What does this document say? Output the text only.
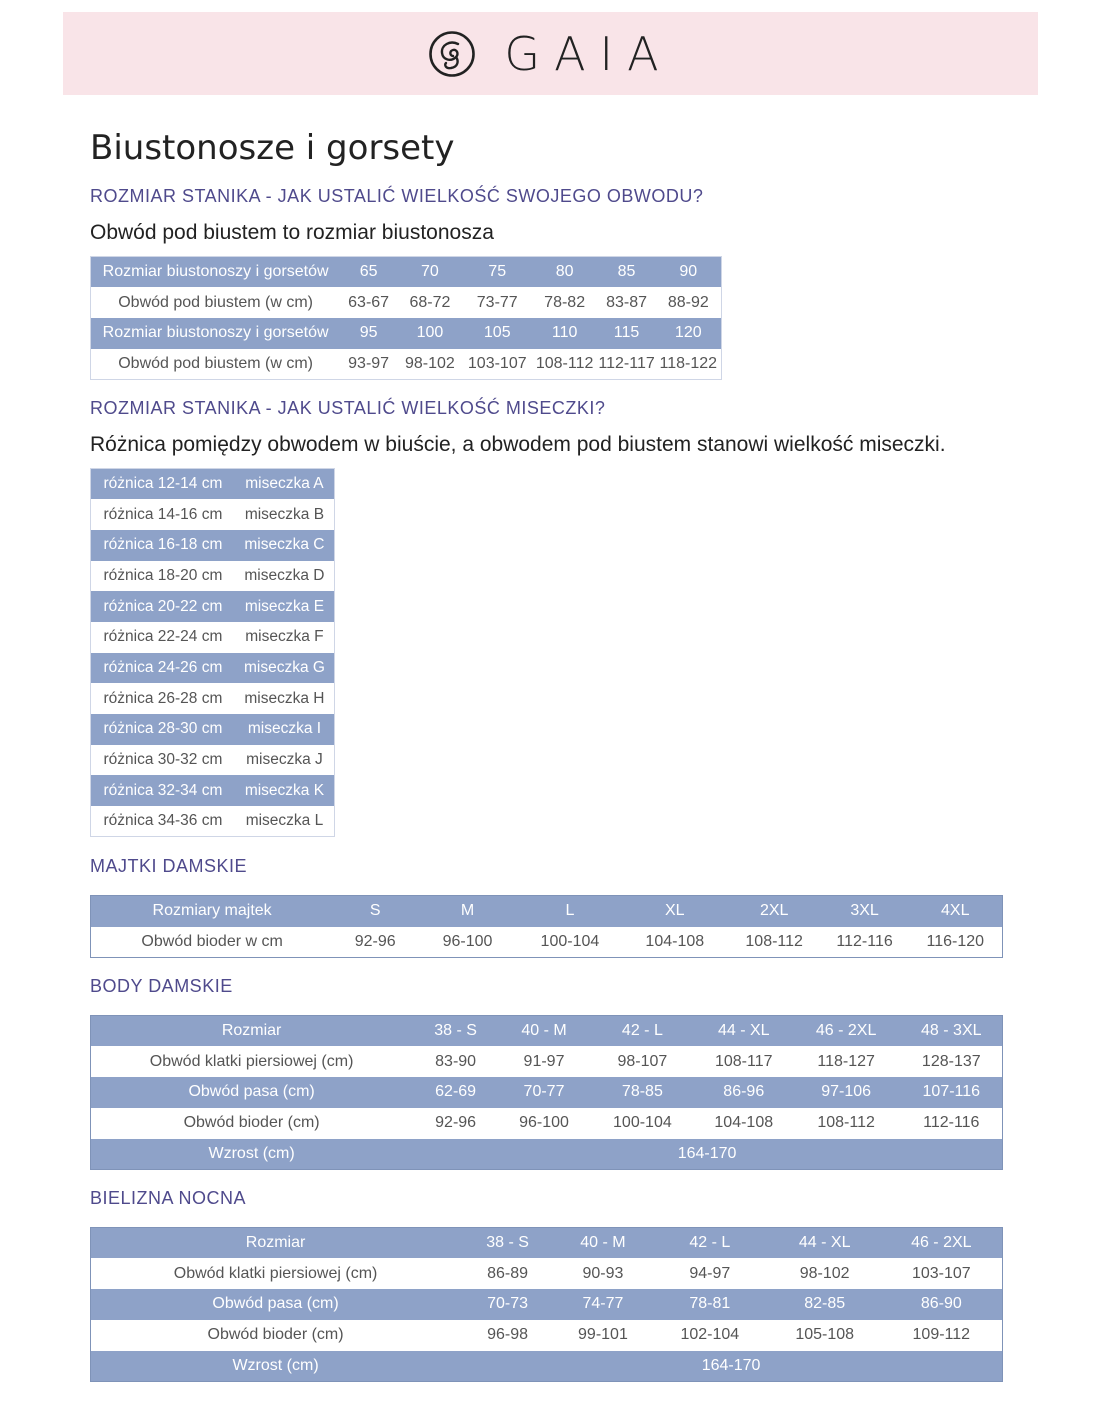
GAIA
Biustonosze i gorsety
ROZMIAR STANIKA - JAK USTALIĆ WIELKOŚĆ SWOJEGO OBWODU?

Obwód pod biustem to rozmiar biustonosza

Rozmiar biustonoszy i gorsetów	65	70	75	80	85	90
Obwód pod biustem (w cm)	63-67	68-72	73-77	78-82	83-87	88-92
Rozmiar biustonoszy i gorsetów	95	100	105	110	115	120
Obwód pod biustem (w cm)	93-97	98-102	103-107	108-112	112-117	118-122
ROZMIAR STANIKA - JAK USTALIĆ WIELKOŚĆ MISECZKI?

Różnica pomiędzy obwodem w biuście, a obwodem pod biustem stanowi wielkość miseczki.

różnica 12-14 cm	miseczka A
różnica 14-16 cm	miseczka B
różnica 16-18 cm	miseczka C
różnica 18-20 cm	miseczka D
różnica 20-22 cm	miseczka E
różnica 22-24 cm	miseczka F
różnica 24-26 cm	miseczka G
różnica 26-28 cm	miseczka H
różnica 28-30 cm	miseczka I
różnica 30-32 cm	miseczka J
różnica 32-34 cm	miseczka K
różnica 34-36 cm	miseczka L
MAJTKI DAMSKIE
Rozmiary majtek	S	M	L	XL	2XL	3XL	4XL
Obwód bioder w cm	92-96	96-100	100-104	104-108	108-112	112-116	116-120
BODY DAMSKIE
Rozmiar	38 - S	40 - M	42 - L	44 - XL	46 - 2XL	48 - 3XL
Obwód klatki piersiowej (cm)	83-90	91-97	98-107	108-117	118-127	128-137
Obwód pasa (cm)	62-69	70-77	78-85	86-96	97-106	107-116
Obwód bioder (cm)	92-96	96-100	100-104	104-108	108-112	112-116
Wzrost (cm)	164-170					
BIELIZNA NOCNA
Rozmiar	38 - S	40 - M	42 - L	44 - XL	46 - 2XL
Obwód klatki piersiowej (cm)	86-89	90-93	94-97	98-102	103-107
Obwód pasa (cm)	70-73	74-77	78-81	82-85	86-90
Obwód bioder (cm)	96-98	99-101	102-104	105-108	109-112
Wzrost (cm)	164-170				
